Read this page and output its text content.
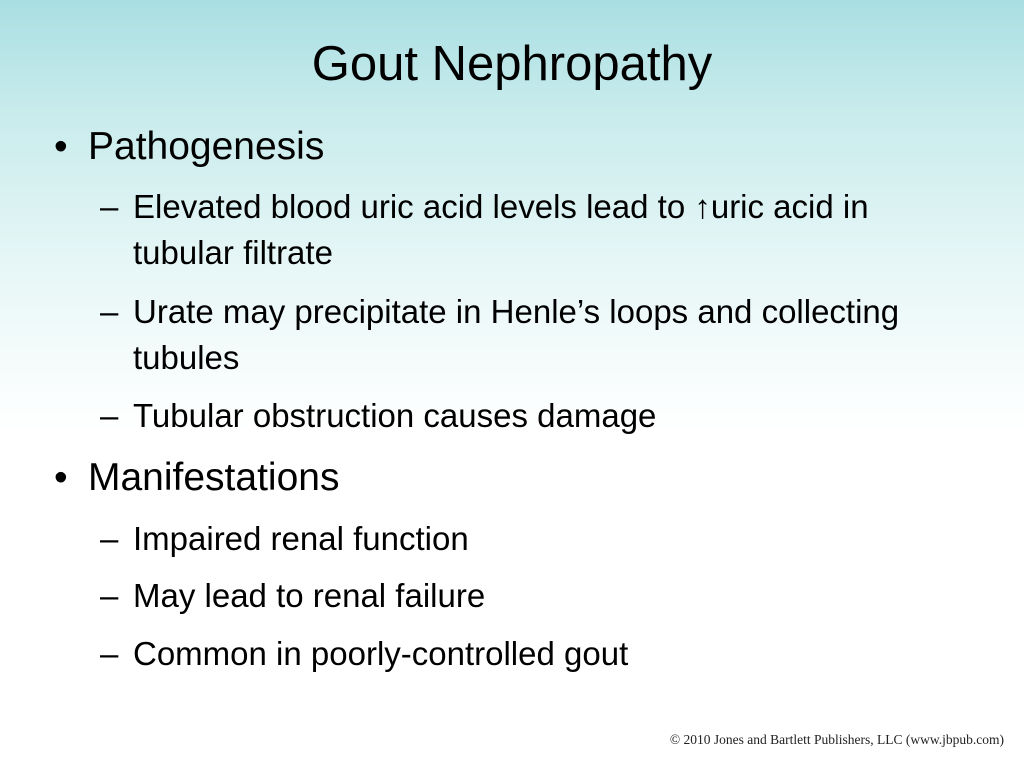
Gout Nephropathy
• Pathogenesis
– Elevated blood uric acid levels lead to ↑uric acid in tubular filtrate
– Urate may precipitate in Henle’s loops and collecting tubules
– Tubular obstruction causes damage
• Manifestations
– Impaired renal function
– May lead to renal failure
– Common in poorly-controlled gout
© 2010 Jones and Bartlett Publishers, LLC (www.jbpub.com)
